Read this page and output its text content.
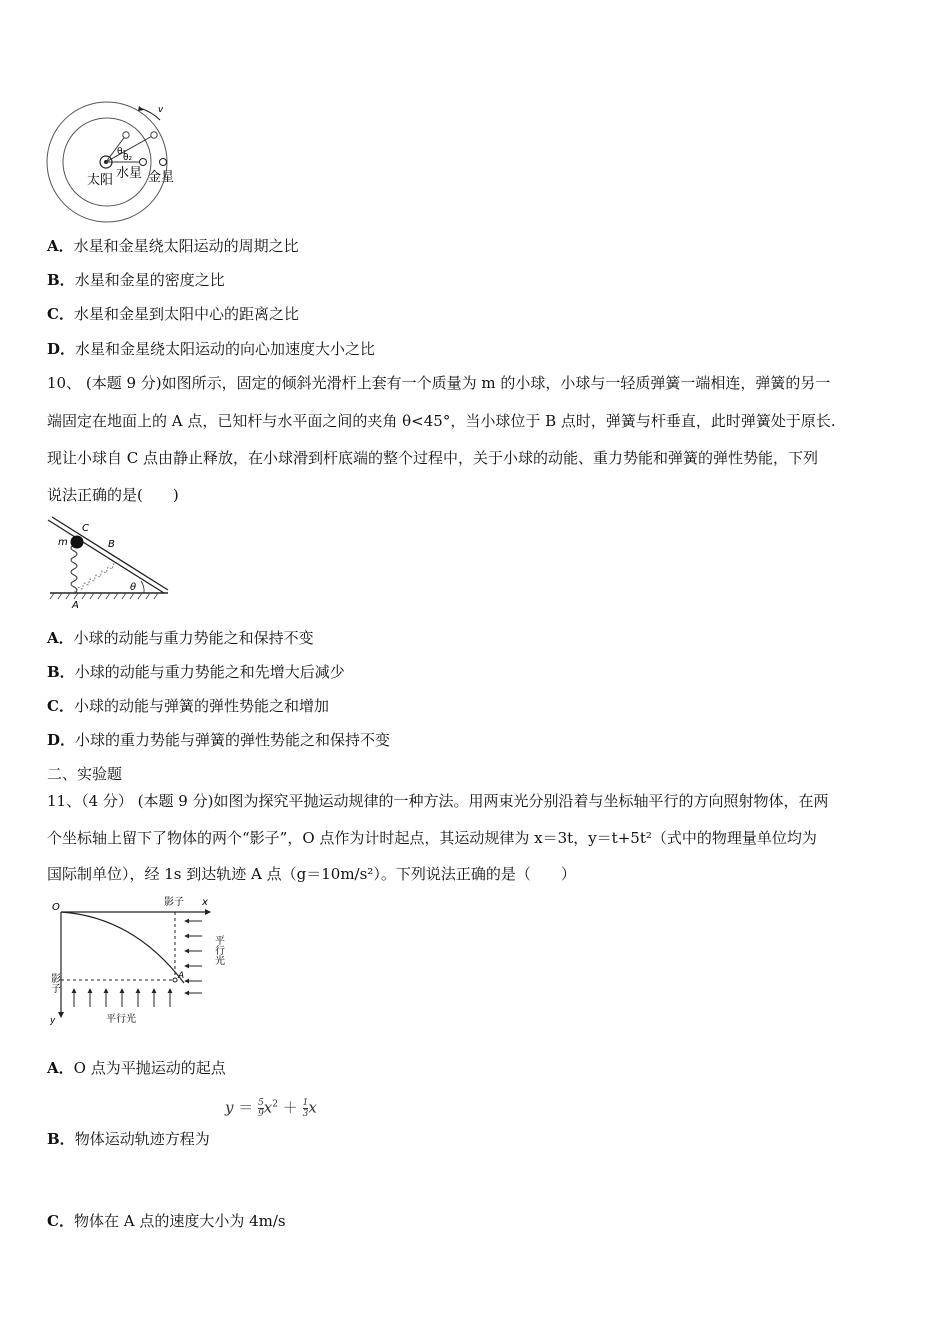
v
θ₁
θ₂
太阳 水星 金星
A．水星和金星绕太阳运动的周期之比
B．水星和金星的密度之比
C．水星和金星到太阳中心的距离之比
D．水星和金星绕太阳运动的向心加速度大小之比
10、 (本题 9 分)如图所示，固定的倾斜光滑杆上套有一个质量为 m 的小球，小球与一轻质弹簧一端相连，弹簧的另一
端固定在地面上的 A 点，已知杆与水平面之间的夹角 θ<45°，当小球位于 B 点时，弹簧与杆垂直，此时弹簧处于原长.
现让小球自 C 点由静止释放，在小球滑到杆底端的整个过程中，关于小球的动能、重力势能和弹簧的弹性势能，下列
说法正确的是(　　)
m
C
B
A
θ
A．小球的动能与重力势能之和保持不变
B．小球的动能与重力势能之和先增大后减少
C．小球的动能与弹簧的弹性势能之和增加
D．小球的重力势能与弹簧的弹性势能之和保持不变
二、实验题
11、（4 分） (本题 9 分)如图为探究平抛运动规律的一种方法。用两束光分别沿着与坐标轴平行的方向照射物体，在两
个坐标轴上留下了物体的两个“影子”，O 点作为计时起点，其运动规律为 x＝3t，y＝t+5t²（式中的物理量单位均为
国际制单位），经 1s 到达轨迹 A 点（g＝10m/s²）。下列说法正确的是（　　）
O	x
y
A
影子
影子
平行光
平行光
A．O 点为平抛运动的起点
𝑦 ＝ $\frac{5}{9}$ 𝑥$^2$ ＋ $\frac{1}{3}$ 𝑥
B．物体运动轨迹方程为
C．物体在 A 点的速度大小为 4m/s
